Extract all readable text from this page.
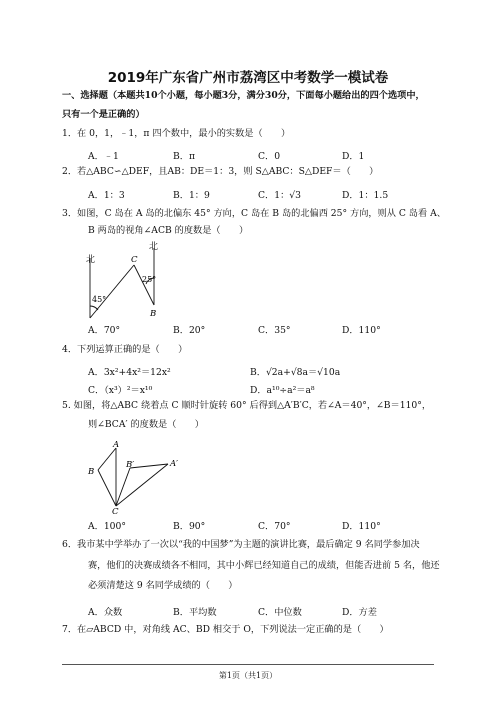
2019年广东省广州市荔湾区中考数学一模试卷
一、选择题（本题共10个小题，每小题3分，满分30分，下面每小题给出的四个选项中，
只有一个是正确的）
1．在 0，1，﹣1，π 四个数中，最小的实数是（　　）
A．﹣1	B．π	C．0	D．1
2．若△ABC∽△DEF，且AB：DE＝1：3，则 S△ABC：S△DEF＝（　　）
A．1：3	B．1：9	C．1：√3	D．1：1.5
3．如图，C 岛在 A 岛的北偏东 45° 方向，C 岛在 B 岛的北偏西 25° 方向，则从 C 岛看 A、
B 两岛的视角∠ACB 的度数是（　　）
北
北
C
45°
25°
B
A．70°	B．20°	C．35°	D．110°
4．下列运算正确的是（　　）
A．3x²+4x²＝12x²	B．√2a+√8a＝√10a
C．（x³）²＝x¹⁰	D．a¹⁰÷a²＝a⁸
5. 如图，将△ABC 绕着点 C 顺时针旋转 60° 后得到△A′B′C，若∠A＝40°，∠B＝110°，
则∠BCA′ 的度数是（　　）
A
B
B′	A′
C
A．100°	B．90°	C．70°	D．110°
6．我市某中学举办了一次以“我的中国梦”为主题的演讲比赛，最后确定 9 名同学参加决
赛，他们的决赛成绩各不相同，其中小辉已经知道自己的成绩，但能否进前 5 名，他还
必须清楚这 9 名同学成绩的（　　）
A．众数	B．平均数	C．中位数	D．方差
7．在▱ABCD 中，对角线 AC、BD 相交于 O，下列说法一定正确的是（　　）
第1页（共1页）
